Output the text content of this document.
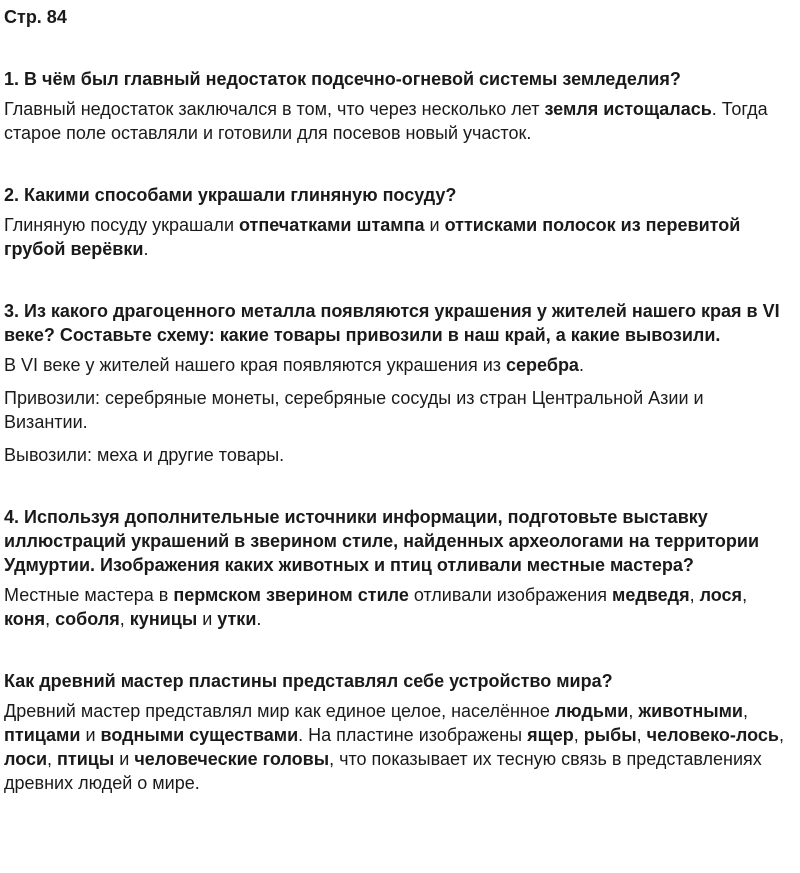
Стр. 84

1. В чём был главный недостаток подсечно-огневой системы земледелия?

Главный недостаток заключался в том, что через несколько лет земля истощалась. Тогда старое поле оставляли и готовили для посевов новый участок.

2. Какими способами украшали глиняную посуду?

Глиняную посуду украшали отпечатками штампа и оттисками полосок из перевитой грубой верёвки.

3. Из какого драгоценного металла появляются украшения у жителей нашего края в VI веке? Составьте схему: какие товары привозили в наш край, а какие вывозили.

В VI веке у жителей нашего края появляются украшения из серебра.

Привозили: серебряные монеты, серебряные сосуды из стран Центральной Азии и Византии.

Вывозили: меха и другие товары.

4. Используя дополнительные источники информации, подготовьте выставку иллюстраций украшений в зверином стиле, найденных археологами на территории Удмуртии. Изображения каких животных и птиц отливали местные мастера?

Местные мастера в пермском зверином стиле отливали изображения медведя, лося, коня, соболя, куницы и утки.

Как древний мастер пластины представлял себе устройство мира?

Древний мастер представлял мир как единое целое, населённое людьми, животными, птицами и водными существами. На пластине изображены ящер, рыбы, человеко-лось, лоси, птицы и человеческие головы, что показывает их тесную связь в представлениях древних людей о мире.
